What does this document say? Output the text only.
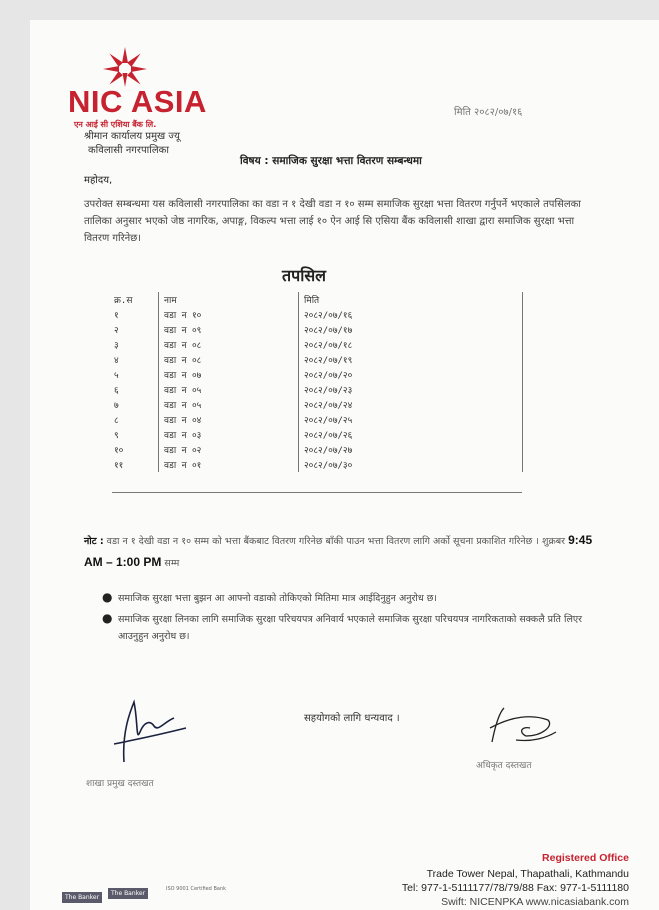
NIC ASIA
एन आई सी एशिया बैंक लि.
मिति २०८२/०७/१६
श्रीमान कार्यालय प्रमुख ज्यू
कविलासी नगरपालिका
विषय : समाजिक सुरक्षा भत्ता वितरण सम्बन्धमा
महोदय,
उपरोक्त सम्बन्धमा यस कविलासी नगरपालिका का वडा न १ देखी वडा न १० सम्म समाजिक सुरक्षा भत्ता वितरण गर्नुपर्ने भएकाले तपसिलका तालिका अनुसार भएको जेष्ठ नागरिक, अपाङ्ग, विकल्प भत्ता लाई १० ऐन आई सि एसिया बैंक कविलासी शाखा द्वारा समाजिक सुरक्षा भत्ता वितरण गरिनेछ।
तपसिल
क्र.स	नाम	मिति
१	वडा न १०	२०८२/०७/१६
२	वडा न ०९	२०८२/०७/१७
३	वडा न ०८	२०८२/०७/१८
४	वडा न ०८	२०८२/०७/१९
५	वडा न ०७	२०८२/०७/२०
६	वडा न ०५	२०८२/०७/२३
७	वडा न ०५	२०८२/०७/२४
८	वडा न ०४	२०८२/०७/२५
९	वडा न ०३	२०८२/०७/२६
१०	वडा न ०२	२०८२/०७/२७
११	वडा न ०१	२०८२/०७/३०
नोट : वडा न १ देखी वडा न १० सम्म को भत्ता बैंकबाट वितरण गरिनेछ बाँकी पाउन भत्ता वितरण लागि अर्को सूचना प्रकाशित गरिनेछ । शुक्रबर 9:45 AM – 1:00 PM सम्म
● समाजिक सुरक्षा भत्ता बुझन आ आफ्नो वडाको तोकिएको मितिमा मात्र आईदिनुहुन अनुरोध छ।
● समाजिक सुरक्षा लिनका लागि समाजिक सुरक्षा परिचयपत्र अनिवार्य भएकाले समाजिक सुरक्षा परिचयपत्र नागरिकताको सक्कलै प्रति लिएर आउनुहुन अनुरोध छ।
सहयोगको लागि धन्यवाद ।
शाखा प्रमुख दस्तखत
अधिकृत दस्तखत
Registered Office
Trade Tower Nepal, Thapathali, Kathmandu
Tel: 977-1-5111177/78/79/88 Fax: 977-1-5111180
Swift: NICENPKA www.nicasiabank.com
The Banker
The Banker
ISO 9001 Certified Bank
